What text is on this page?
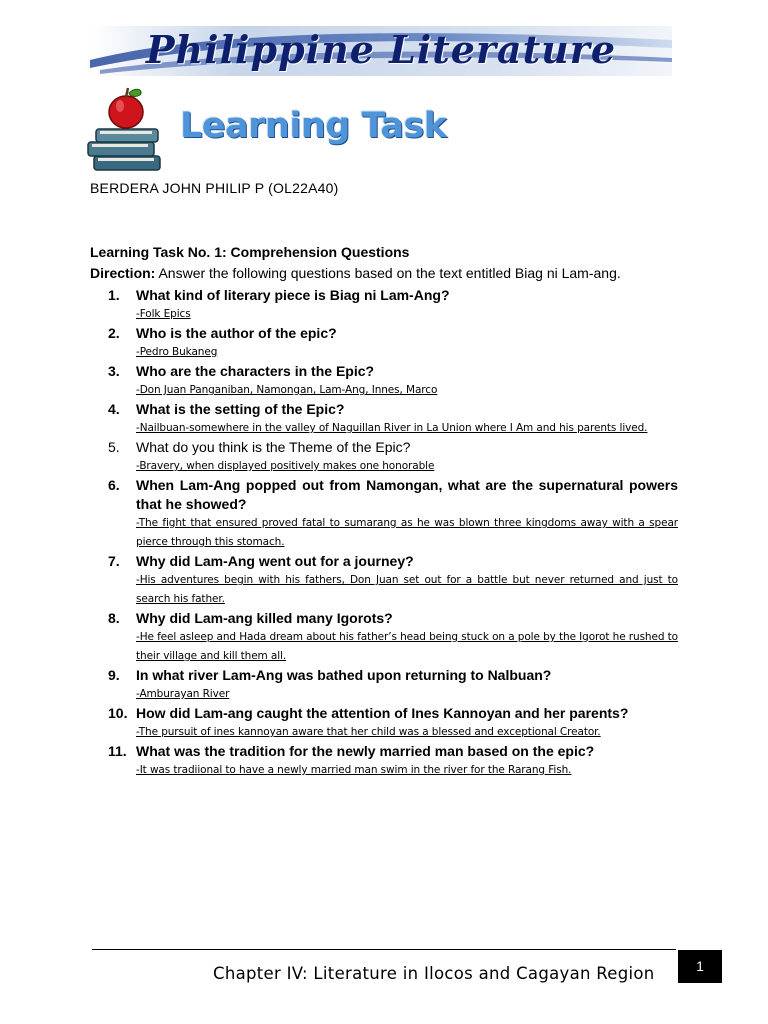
Philippine Literature
Learning Task
BERDERA JOHN PHILIP P (OL22A40)
Learning Task No. 1: Comprehension Questions
Direction: Answer the following questions based on the text entitled Biag ni Lam-ang.
1.	What kind of literary piece is Biag ni Lam-Ang?
-Folk Epics
2.	Who is the author of the epic?
-Pedro Bukaneg
3.	Who are the characters in the Epic?
-Don Juan Panganiban, Namongan, Lam-Ang, Innes, Marco
4.	What is the setting of the Epic?
-Nailbuan-somewhere in the valley of Naguillan River in La Union where I Am and his parents lived.
5.	What do you think is the Theme of the Epic?
-Bravery, when displayed positively makes one honorable
6.	When Lam-Ang popped out from Namongan, what are the supernatural powers that he showed?
-The fight that ensured proved fatal to sumarang as he was blown three kingdoms away with a spear pierce through this stomach.
7.	Why did Lam-Ang went out for a journey?
-His adventures begin with his fathers, Don Juan set out for a battle but never returned and just to search his father.
8.	Why did Lam-ang killed many Igorots?
-He feel asleep and Hada dream about his father’s head being stuck on a pole by the Igorot he rushed to their village and kill them all.
9.	In what river Lam-Ang was bathed upon returning to Nalbuan?
-Amburayan River
10. How did Lam-ang caught the attention of Ines Kannoyan and her parents?
-The pursuit of ines kannoyan aware that her child was a blessed and exceptional Creator.
11. What was the tradition for the newly married man based on the epic?
-It was tradiional to have a newly married man swim in the river for the Rarang Fish.
Chapter IV: Literature in Ilocos and Cagayan Region	1
